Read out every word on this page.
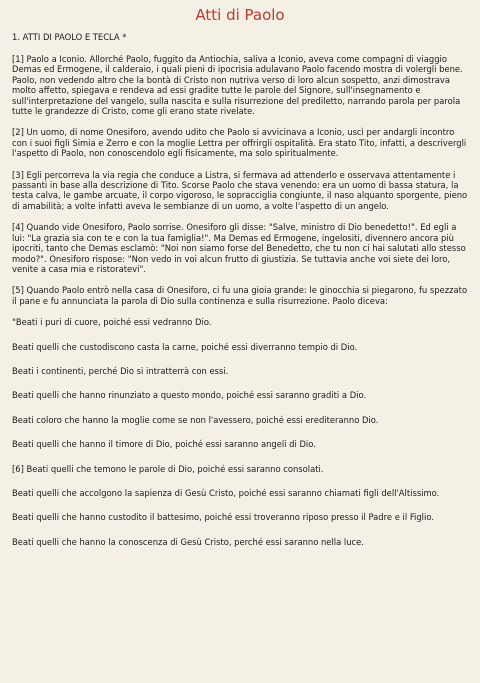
Atti di Paolo
1. ATTI DI PAOLO E TECLA *

[1] Paolo a Iconio. Allorché Paolo, fuggito da Antiochia, saliva a Iconio, aveva come compagni di viaggio Demas ed Ermogene, il calderaio, i quali pieni di ipocrisia adulavano Paolo facendo mostra di volergli bene. Paolo, non vedendo altro che la bontà di Cristo non nutriva verso di loro alcun sospetto, anzi dimostrava molto affetto, spiegava e rendeva ad essi gradite tutte le parole del Signore, sull'insegnamento e sull'interpretazione del vangelo, sulla nascita e sulla risurrezione del prediletto, narrando parola per parola tutte le grandezze di Cristo, come gli erano state rivelate.

[2] Un uomo, di nome Onesiforo, avendo udito che Paolo si avvicinava a Iconio, uscì per andargli incontro con i suoi figli Simia e Zerro e con la moglie Lettra per offrirgli ospitalità. Era stato Tito, infatti, a descrivergli l'aspetto di Paolo, non conoscendolo egli fisicamente, ma solo spiritualmente.

[3] Egli percorreva la via regia che conduce a Listra, si fermava ad attenderlo e osservava attentamente i passanti in base alla descrizione di Tito. Scorse Paolo che stava venendo: era un uomo di bassa statura, la testa calva, le gambe arcuate, il corpo vigoroso, le sopracciglia congiunte, il naso alquanto sporgente, pieno di amabilità; a volte infatti aveva le sembianze di un uomo, a volte l'aspetto di un angelo.

[4] Quando vide Onesiforo, Paolo sorrise. Onesiforo gli disse: "Salve, ministro di Dio benedetto!". Ed egli a lui: "La grazia sia con te e con la tua famiglia!". Ma Demas ed Ermogene, ingelositi, divennero ancora più ipocriti, tanto che Demas esclamò: "Noi non siamo forse del Benedetto, che tu non ci hai salutati allo stesso modo?". Onesiforo rispose: "Non vedo in voi alcun frutto di giustizia. Se tuttavia anche voi siete dei loro, venite a casa mia e ristoratevi".

[5] Quando Paolo entrò nella casa di Onesiforo, ci fu una gioia grande: le ginocchia si piegarono, fu spezzato il pane e fu annunciata la parola di Dio sulla continenza e sulla risurrezione. Paolo diceva:

"Beati i puri di cuore, poiché essi vedranno Dio.

Beati quelli che custodiscono casta la carne, poiché essi diverranno tempio di Dio.

Beati i continenti, perché Dio si intratterrà con essi.

Beati quelli che hanno rinunziato a questo mondo, poiché essi saranno graditi a Dio.

Beati coloro che hanno la moglie come se non l'avessero, poiché essi erediteranno Dio.

Beati quelli che hanno il timore di Dio, poiché essi saranno angeli di Dio.

[6] Beati quelli che temono le parole di Dio, poiché essi saranno consolati.

Beati quelli che accolgono la sapienza di Gesù Cristo, poiché essi saranno chiamati figli dell'Altissimo.

Beati quelli che hanno custodito il battesimo, poiché essi troveranno riposo presso il Padre e il Figlio.

Beati quelli che hanno la conoscenza di Gesù Cristo, perché essi saranno nella luce.
